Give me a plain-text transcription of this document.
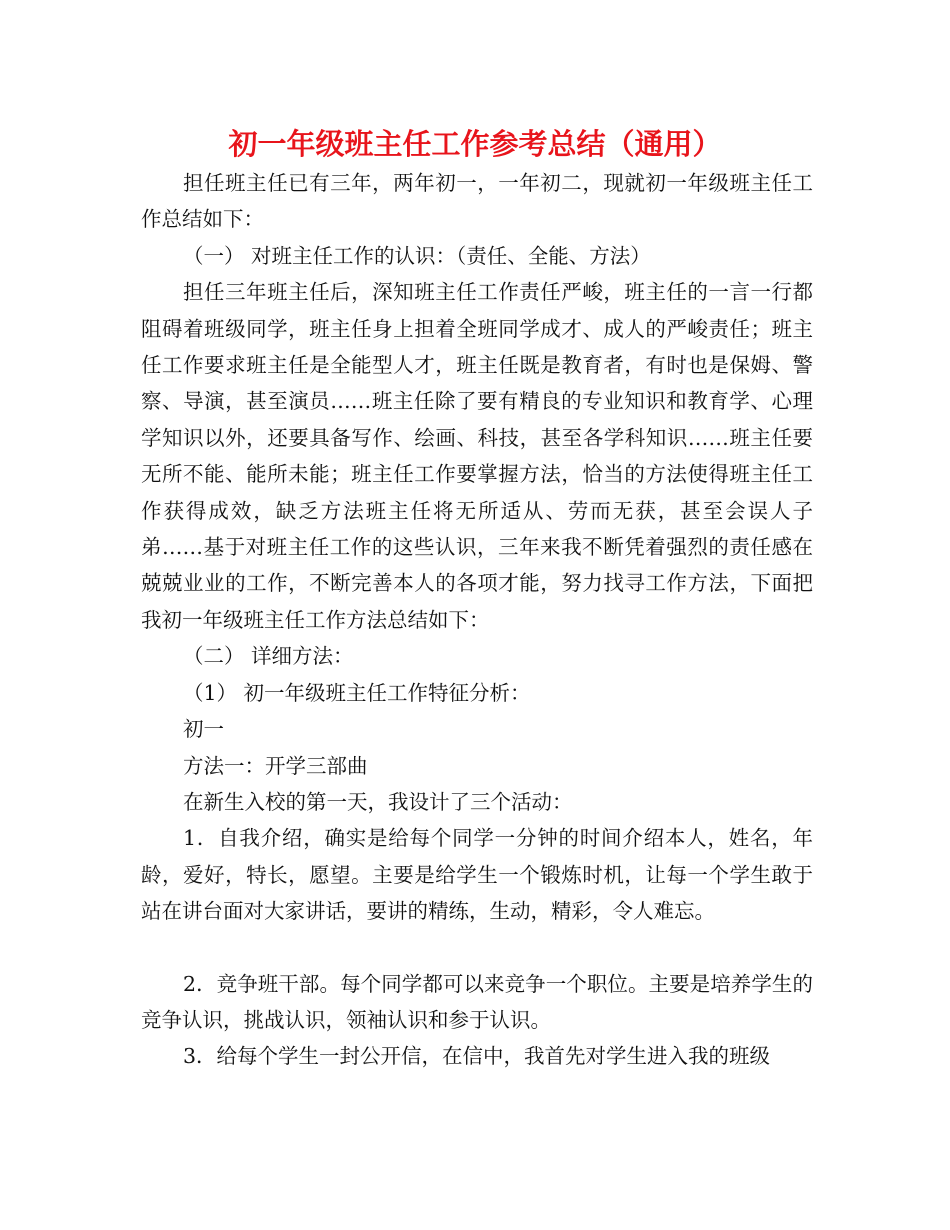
初一年级班主任工作参考总结（通用）

担任班主任已有三年，两年初一，一年初二，现就初一年级班主任工作总结如下：

（一） 对班主任工作的认识：（责任、全能、方法）

担任三年班主任后，深知班主任工作责任严峻，班主任的一言一行都阻碍着班级同学，班主任身上担着全班同学成才、成人的严峻责任；班主任工作要求班主任是全能型人才，班主任既是教育者，有时也是保姆、警察、导演，甚至演员……班主任除了要有精良的专业知识和教育学、心理学知识以外，还要具备写作、绘画、科技，甚至各学科知识……班主任要无所不能、能所未能；班主任工作要掌握方法，恰当的方法使得班主任工作获得成效，缺乏方法班主任将无所适从、劳而无获，甚至会误人子弟……基于对班主任工作的这些认识，三年来我不断凭着强烈的责任感在兢兢业业的工作，不断完善本人的各项才能，努力找寻工作方法，下面把我初一年级班主任工作方法总结如下：

（二） 详细方法：

（1） 初一年级班主任工作特征分析：

初一

方法一：开学三部曲

在新生入校的第一天，我设计了三个活动：

1．自我介绍，确实是给每个同学一分钟的时间介绍本人，姓名，年龄，爱好，特长，愿望。主要是给学生一个锻炼时机，让每一个学生敢于站在讲台面对大家讲话，要讲的精练，生动，精彩，令人难忘。

2．竞争班干部。每个同学都可以来竞争一个职位。主要是培养学生的竞争认识，挑战认识，领袖认识和参于认识。

3．给每个学生一封公开信，在信中，我首先对学生进入我的班级
